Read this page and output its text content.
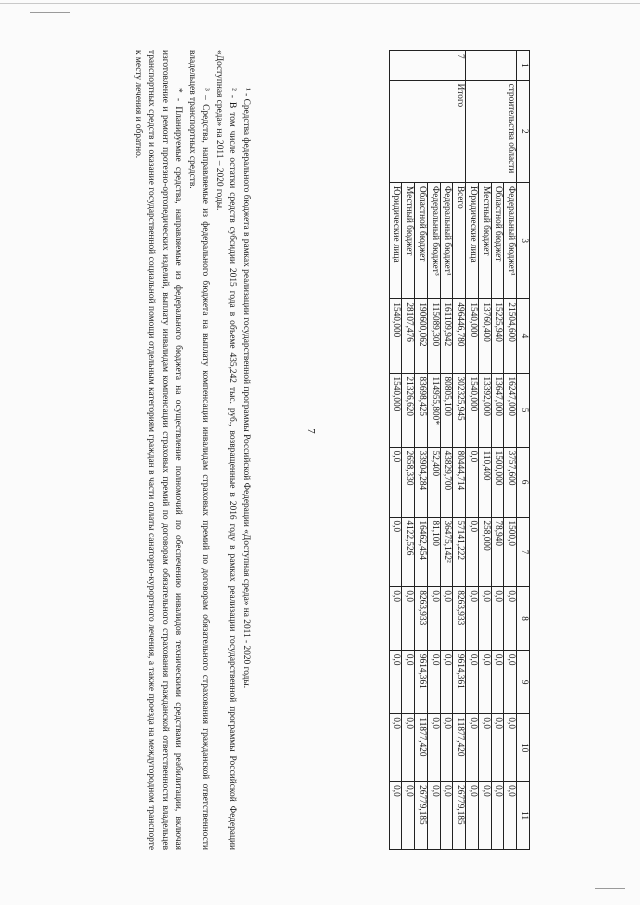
7
1	2	3	4	5	6	7	8	9	10	11
	строительства области	Федеральный бюджет¹	21504,600	16247,000	3757,600	1500,0	0,0	0,0	0,0	0,0
		Областной бюджет	15225,940	13647,000	1500,000	78,940	0,0	0,0	0,0	0,0
		Местный бюджет	13760,400	13392,000	110,400	258,000	0,0	0,0	0,0	0,0
		Юридические лица	1540,000	1540,000	0,0	0,0	0,0	0,0	0,0	0,0
7	Итого	Всего	496446,780	302325,945	80444,714	57141,222	8263,933	9614,361	11877,420	26779,185
		Федеральный бюджет¹	161109,942	80805,100	43829,700	36475,142²	0,0	0,0	0,0	0,0
		Федеральный бюджет³	115089,300	114955,800*	52,400	81,100	0,0	0,0	0,0	0,0
		Областной бюджет	190600,062	83698,425	33904,284	16462,454	8263,933	9614,361	11877,420	26779,185
		Местный бюджет	28107,476	21326,620	2658,330	4122,526	0,0	0,0	0,0	0,0
		Юридические лица	1540,000	1540,000	0,0	0,0	0,0	0,0	0,0	0,0

¹ - Средства федерального бюджета в рамках реализации государственной программы Российской Федерации «Доступная среда» на 2011 - 2020 годы.

² - В том числе остатки средств субсидии 2015 года в объеме 435,242 тыс. руб., возвращенные в 2016 году в рамках реализации государственной программы Российской Федерации «Доступная среда» на 2011 – 2020 годы.

³ – Средства, направляемые из федерального бюджета на выплату компенсации инвалидам страховых премий по договорам обязательного страхования гражданской ответственности владельцев транспортных средств.

* - Планируемые средства, направляемые из федерального бюджета на осуществление полномочий по обеспечению инвалидов техническими средствами реабилитации, включая изготовление и ремонт протезно-ортопедических изделий, выплату инвалидам компенсации страховых премий по договорам обязательного страхования гражданской ответственности владельцев транспортных средств и оказание государственной социальной помощи отдельным категориям граждан в части оплаты санаторно-курортного лечения, а также проезда на междугородном транспорте к месту лечения и обратно.
